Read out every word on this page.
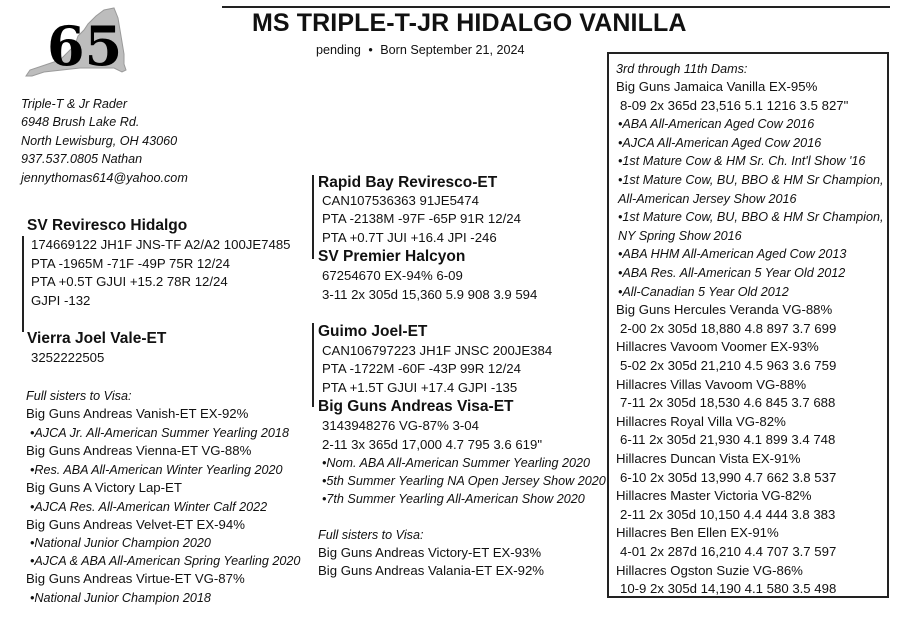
65	MS TRIPLE-T-JR HIDALGO VANILLA
pending • Born September 21, 2024
Triple-T & Jr Rader
6948 Brush Lake Rd.
North Lewisburg, OH 43060
937.537.0805 Nathan
jennythomas614@yahoo.com
SV Reviresco Hidalgo
174669122 JH1F JNS-TF A2/A2 100JE7485
PTA -1965M -71F -49P 75R 12/24
PTA +0.5T GJUI +15.2 78R 12/24
GJPI -132
Vierra Joel Vale-ET
3252222505
Full sisters to Visa:
Big Guns Andreas Vanish-ET EX-92%
•AJCA Jr. All-American Summer Yearling 2018
Big Guns Andreas Vienna-ET VG-88%
•Res. ABA All-American Winter Yearling 2020
Big Guns A Victory Lap-ET
•AJCA Res. All-American Winter Calf 2022
Big Guns Andreas Velvet-ET EX-94%
•National Junior Champion 2020
•AJCA & ABA All-American Spring Yearling 2020
Big Guns Andreas Virtue-ET VG-87%
•National Junior Champion 2018
Rapid Bay Reviresco-ET
CAN107536363 91JE5474
PTA -2138M -97F -65P 91R 12/24
PTA +0.7T JUI +16.4 JPI -246
SV Premier Halcyon
67254670 EX-94% 6-09
3-11 2x 305d 15,360 5.9 908 3.9 594
Guimo Joel-ET
CAN106797223 JH1F JNSC 200JE384
PTA -1722M -60F -43P 99R 12/24
PTA +1.5T GJUI +17.4 GJPI -135
Big Guns Andreas Visa-ET
3143948276 VG-87% 3-04
2-11 3x 365d 17,000 4.7 795 3.6 619"
•Nom. ABA All-American Summer Yearling 2020
•5th Summer Yearling NA Open Jersey Show 2020
•7th Summer Yearling All-American Show 2020
Full sisters to Visa:
Big Guns Andreas Victory-ET EX-93%
Big Guns Andreas Valania-ET EX-92%
3rd through 11th Dams:
Big Guns Jamaica Vanilla EX-95%
8-09 2x 365d 23,516 5.1 1216 3.5 827"
•ABA All-American Aged Cow 2016
•AJCA All-American Aged Cow 2016
•1st Mature Cow & HM Sr. Ch. Int'l Show '16
•1st Mature Cow, BU, BBO & HM Sr Champion,
All-American Jersey Show 2016
•1st Mature Cow, BU, BBO & HM Sr Champion,
NY Spring Show 2016
•ABA HHM All-American Aged Cow 2013
•ABA Res. All-American 5 Year Old 2012
•All-Canadian 5 Year Old 2012
Big Guns Hercules Veranda VG-88%
2-00 2x 305d 18,880 4.8 897 3.7 699
Hillacres Vavoom Voomer EX-93%
5-02 2x 305d 21,210 4.5 963 3.6 759
Hillacres Villas Vavoom VG-88%
7-11 2x 305d 18,530 4.6 845 3.7 688
Hillacres Royal Villa VG-82%
6-11 2x 305d 21,930 4.1 899 3.4 748
Hillacres Duncan Vista EX-91%
6-10 2x 305d 13,990 4.7 662 3.8 537
Hillacres Master Victoria VG-82%
2-11 2x 305d 10,150 4.4 444 3.8 383
Hillacres Ben Ellen EX-91%
4-01 2x 287d 16,210 4.4 707 3.7 597
Hillacres Ogston Suzie VG-86%
10-9 2x 305d 14,190 4.1 580 3.5 498
